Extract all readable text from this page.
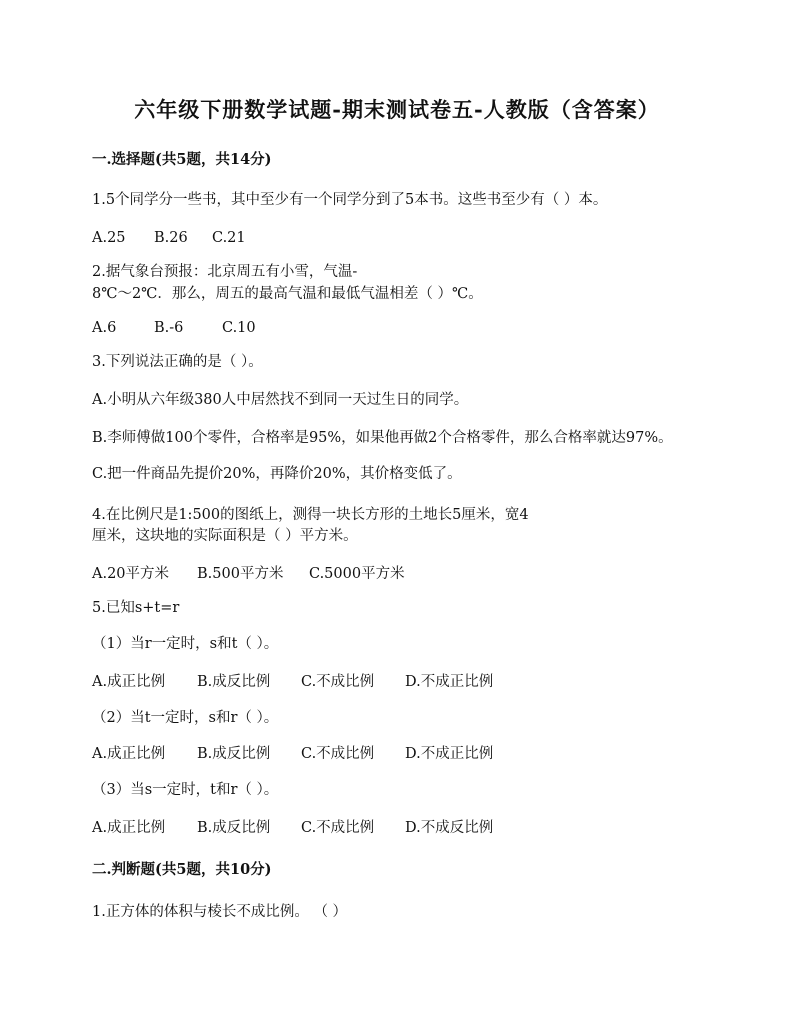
六年级下册数学试题-期末测试卷五-人教版（含答案）
一.选择题(共5题，共14分)
1.5个同学分一些书，其中至少有一个同学分到了5本书。这些书至少有（ ）本。
A.25 B.26 C.21
2.据气象台预报：北京周五有小雪，气温-
8℃～2℃．那么，周五的最高气温和最低气温相差（ ）℃。
A.6	B.-6	C.10
3.下列说法正确的是（ ）。
A.小明从六年级380人中居然找不到同一天过生日的同学。
B.李师傅做100个零件，合格率是95%，如果他再做2个合格零件，那么合格率就达97%。
C.把一件商品先提价20%，再降价20%，其价格变低了。
4.在比例尺是1:500的图纸上，测得一块长方形的土地长5厘米，宽4
厘米，这块地的实际面积是（ ）平方米。
A.20平方米 B.500平方米 C.5000平方米
5.已知s+t=r
（1）当r一定时，s和t（ ）。
A.成正比例 B.成反比例 C.不成比例 D.不成正比例
（2）当t一定时，s和r（ ）。
A.成正比例 B.成反比例 C.不成比例 D.不成正比例
（3）当s一定时，t和r（ ）。
A.成正比例 B.成反比例 C.不成比例 D.不成反比例
二.判断题(共5题，共10分)
1.正方体的体积与棱长不成比例。 （ ）
